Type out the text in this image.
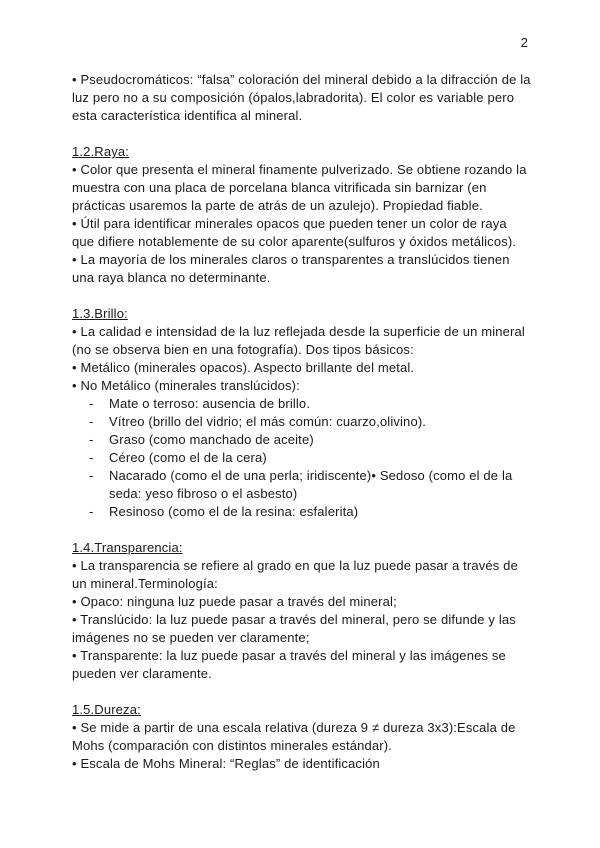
2

• Pseudocromáticos: “falsa” coloración del mineral debido a la difracción de la luz pero no a su composición (ópalos,labradorita). El color es variable pero esta característica identifica al mineral.

1.2.Raya:

• Color que presenta el mineral finamente pulverizado. Se obtiene rozando la muestra con una placa de porcelana blanca vitrificada sin barnizar (en prácticas usaremos la parte de atrás de un azulejo). Propiedad fiable.

• Útil para identificar minerales opacos que pueden tener un color de raya que difiere notablemente de su color aparente(sulfuros y óxidos metálicos).

• La mayoría de los minerales claros o transparentes a translúcidos tienen una raya blanca no determinante.

1.3.Brillo:

• La calidad e intensidad de la luz reflejada desde la superficie de un mineral (no se observa bien en una fotografía). Dos tipos básicos:

• Metálico (minerales opacos). Aspecto brillante del metal.

• No Metálico (minerales translúcidos):

- Mate o terroso: ausencia de brillo.
- Vítreo (brillo del vidrio; el más común: cuarzo,olivino).
- Graso (como manchado de aceite)
- Céreo (como el de la cera)
- Nacarado (como el de una perla; iridiscente)• Sedoso (como el de la seda: yeso fibroso o el asbesto)
- Resinoso (como el de la resina: esfalerita)

1.4.Transparencia:

• La transparencia se refiere al grado en que la luz puede pasar a través de un mineral.Terminología:

• Opaco: ninguna luz puede pasar a través del mineral;

• Translúcido: la luz puede pasar a través del mineral, pero se difunde y las imágenes no se pueden ver claramente;

• Transparente: la luz puede pasar a través del mineral y las imágenes se pueden ver claramente.

1.5.Dureza:

• Se mide a partir de una escala relativa (dureza 9 ≠ dureza 3x3):Escala de Mohs (comparación con distintos minerales estándar).

• Escala de Mohs Mineral: “Reglas” de identificación
